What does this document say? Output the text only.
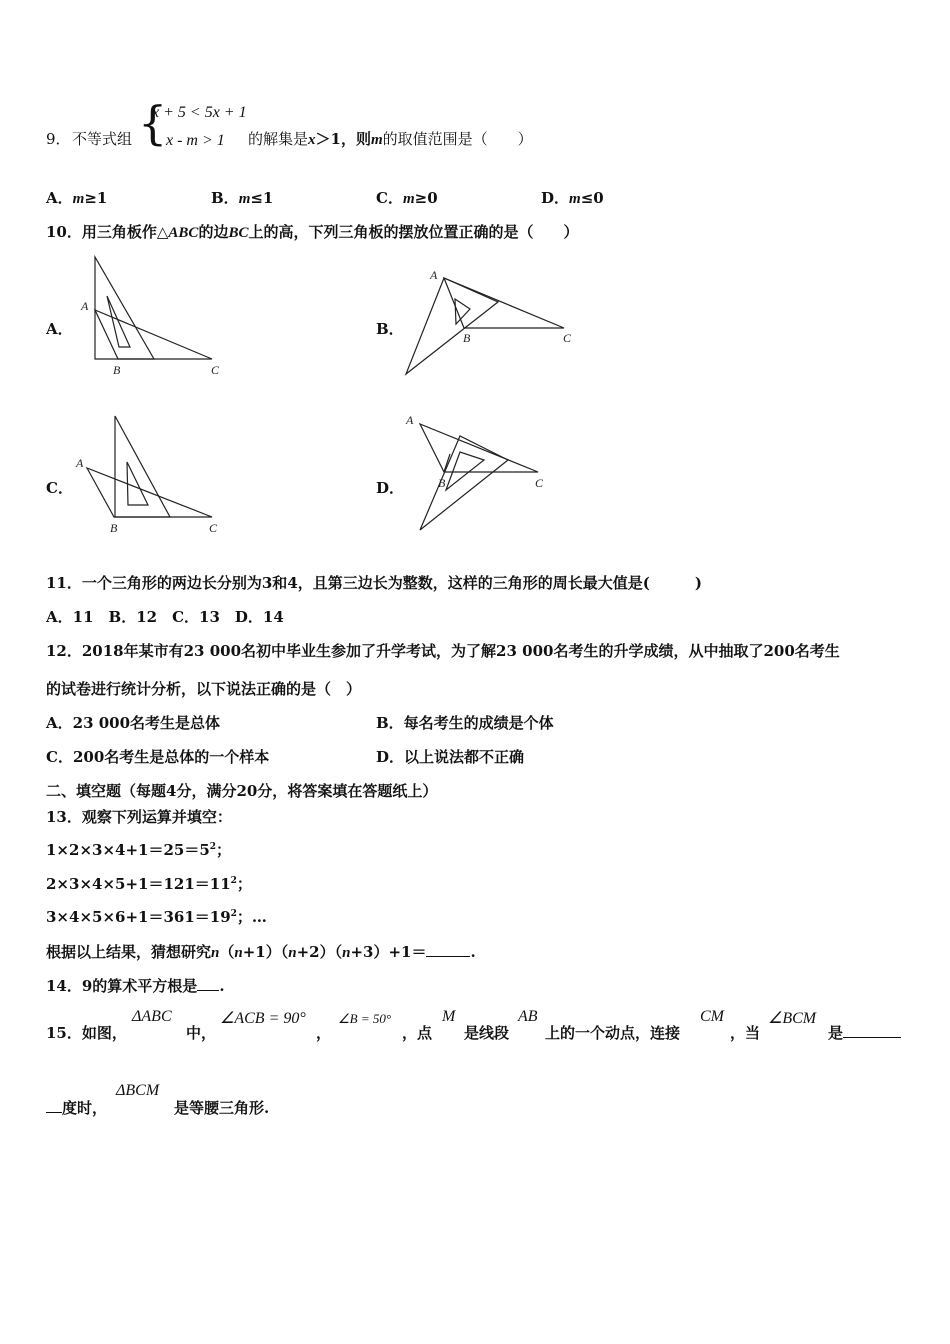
9． 不等式组 {
x + 5 < 5x + 1
x - m > 1 的解集是x＞1，则m的取值范围是（　　）
A．m≥1	B．m≤1	C．m≥0	D．m≤0
10．用三角板作△ABC的边BC上的高，下列三角板的摆放位置正确的是（　　）
A．
A
B	C
B．
A
B	C
C．
A
B	C
D．
A
B	C
11．一个三角形的两边长分别为3和4，且第三边长为整数，这样的三角形的周长最大值是(　　　)
A．11　B．12　C．13　D．14
12．2018年某市有23 000名初中毕业生参加了升学考试，为了解23 000名考生的升学成绩，从中抽取了200名考生
的试卷进行统计分析，以下说法正确的是（　）
A．23 000名考生是总体	B．每名考生的成绩是个体
C．200名考生是总体的一个样本	D．以上说法都不正确
二、填空题（每题4分，满分20分，将答案填在答题纸上）
13．观察下列运算并填空：
$1\times 2\times 3\times 4+1=25=5^2$；
$2\times 3\times 4\times 5+1=121=11^2$；
$3\times 4\times 5\times 6+1=361=19^2$；…
根据以上结果，猜想研究n（n+1）（n+2）（n+3）+1＝	.
14．9的算术平方根是 .
15．如图，
ΔABC
中，
∠ACB = 90°
，
∠B = 50°
，点
M
是线段
AB
上的一个动点，连接
CM
，当
∠BCM
是
度时，
ΔBCM
是等腰三角形.
